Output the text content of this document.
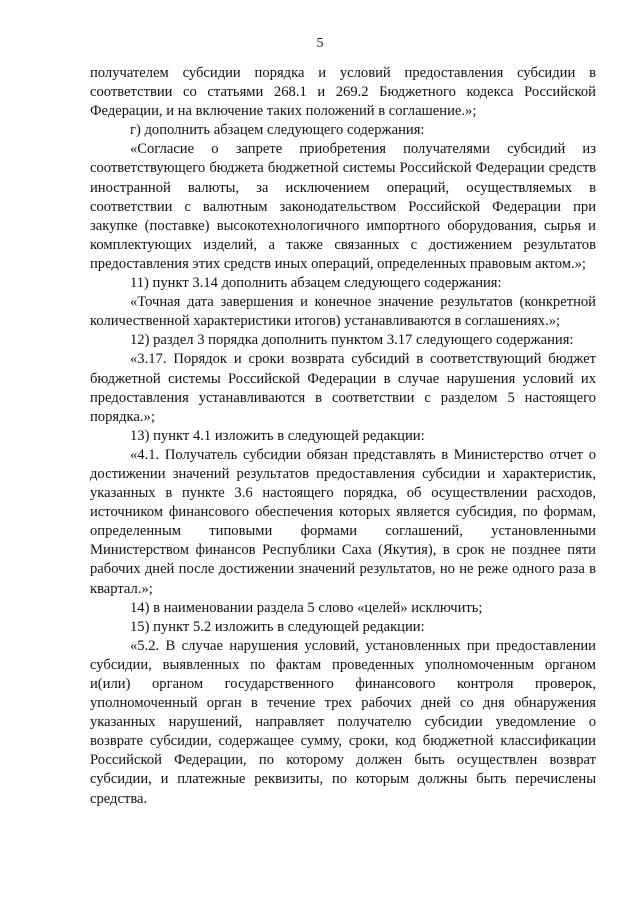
5

получателем субсидии порядка и условий предоставления субсидии в соответствии со статьями 268.1 и 269.2 Бюджетного кодекса Российской Федерации, и на включение таких положений в соглашение.»;

г) дополнить абзацем следующего содержания:

«Согласие о запрете приобретения получателями субсидий из соответствующего бюджета бюджетной системы Российской Федерации средств иностранной валюты, за исключением операций, осуществляемых в соответствии с валютным законодательством Российской Федерации при закупке (поставке) высокотехнологичного импортного оборудования, сырья и комплектующих изделий, а также связанных с достижением результатов предоставления этих средств иных операций, определенных правовым актом.»;

11) пункт 3.14 дополнить абзацем следующего содержания:

«Точная дата завершения и конечное значение результатов (конкретной количественной характеристики итогов) устанавливаются в соглашениях.»;

12) раздел 3 порядка дополнить пунктом 3.17 следующего содержания:

«3.17. Порядок и сроки возврата субсидий в соответствующий бюджет бюджетной системы Российской Федерации в случае нарушения условий их предоставления устанавливаются в соответствии с разделом 5 настоящего порядка.»;

13) пункт 4.1 изложить в следующей редакции:

«4.1. Получатель субсидии обязан представлять в Министерство отчет о достижении значений результатов предоставления субсидии и характеристик, указанных в пункте 3.6 настоящего порядка, об осуществлении расходов, источником финансового обеспечения которых является субсидия, по формам, определенным типовыми формами соглашений, установленными Министерством финансов Республики Саха (Якутия), в срок не позднее пяти рабочих дней после достижении значений результатов, но не реже одного раза в квартал.»;

14) в наименовании раздела 5 слово «целей» исключить;

15) пункт 5.2 изложить в следующей редакции:

«5.2. В случае нарушения условий, установленных при предоставлении субсидии, выявленных по фактам проведенных уполномоченным органом и(или) органом государственного финансового контроля проверок, уполномоченный орган в течение трех рабочих дней со дня обнаружения указанных нарушений, направляет получателю субсидии уведомление о возврате субсидии, содержащее сумму, сроки, код бюджетной классификации Российской Федерации, по которому должен быть осуществлен возврат субсидии, и платежные реквизиты, по которым должны быть перечислены средства.
